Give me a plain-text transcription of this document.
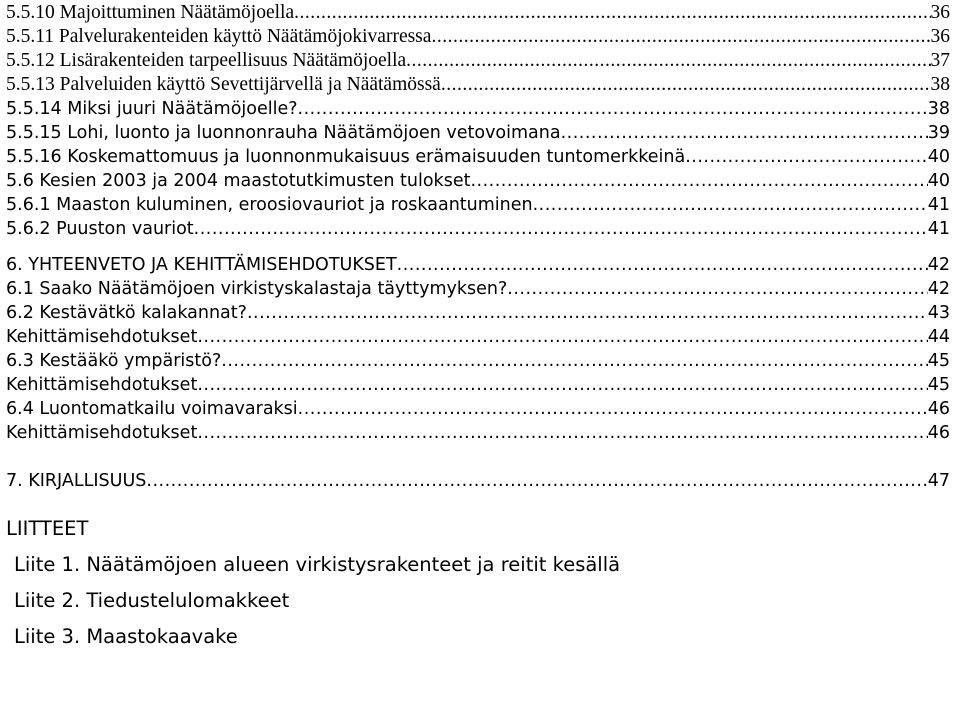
5.5.10 Majoittuminen Näätämöjoella .....	36
5.5.11 Palvelurakenteiden käyttö Näätämöjokivarressa .....	36
5.5.12 Lisärakenteiden tarpeellisuus Näätämöjoella .....	37
5.5.13 Palveluiden käyttö Sevettijärvellä ja Näätämössä .....	38
5.5.14 Miksi juuri Näätämöjoelle? .....	38
5.5.15 Lohi, luonto ja luonnonrauha Näätämöjoen vetovoimana .....	39
5.5.16 Koskemattomuus ja luonnonmukaisuus erämaisuuden tuntomerkkeinä .....	40
5.6 Kesien 2003 ja 2004 maastotutkimusten tulokset .....	40
5.6.1 Maaston kuluminen, eroosiovauriot ja roskaantuminen .....	41
5.6.2 Puuston vauriot .....	41
6. YHTEENVETO JA KEHITTÄMISEHDOTUKSET .....	42
6.1 Saako Näätämöjoen virkistyskalastaja täyttymyksen? .....	42
6.2 Kestävätkö kalakannat? .....	43
Kehittämisehdotukset .....	44
6.3 Kestääkö ympäristö? .....	45
Kehittämisehdotukset .....	45
6.4 Luontomatkailu voimavaraksi .....	46
Kehittämisehdotukset .....	46
7. KIRJALLISUUS .....	47
LIITTEET
Liite 1. Näätämöjoen alueen virkistysrakenteet ja reitit kesällä
Liite 2. Tiedustelulomakkeet
Liite 3. Maastokaavake
